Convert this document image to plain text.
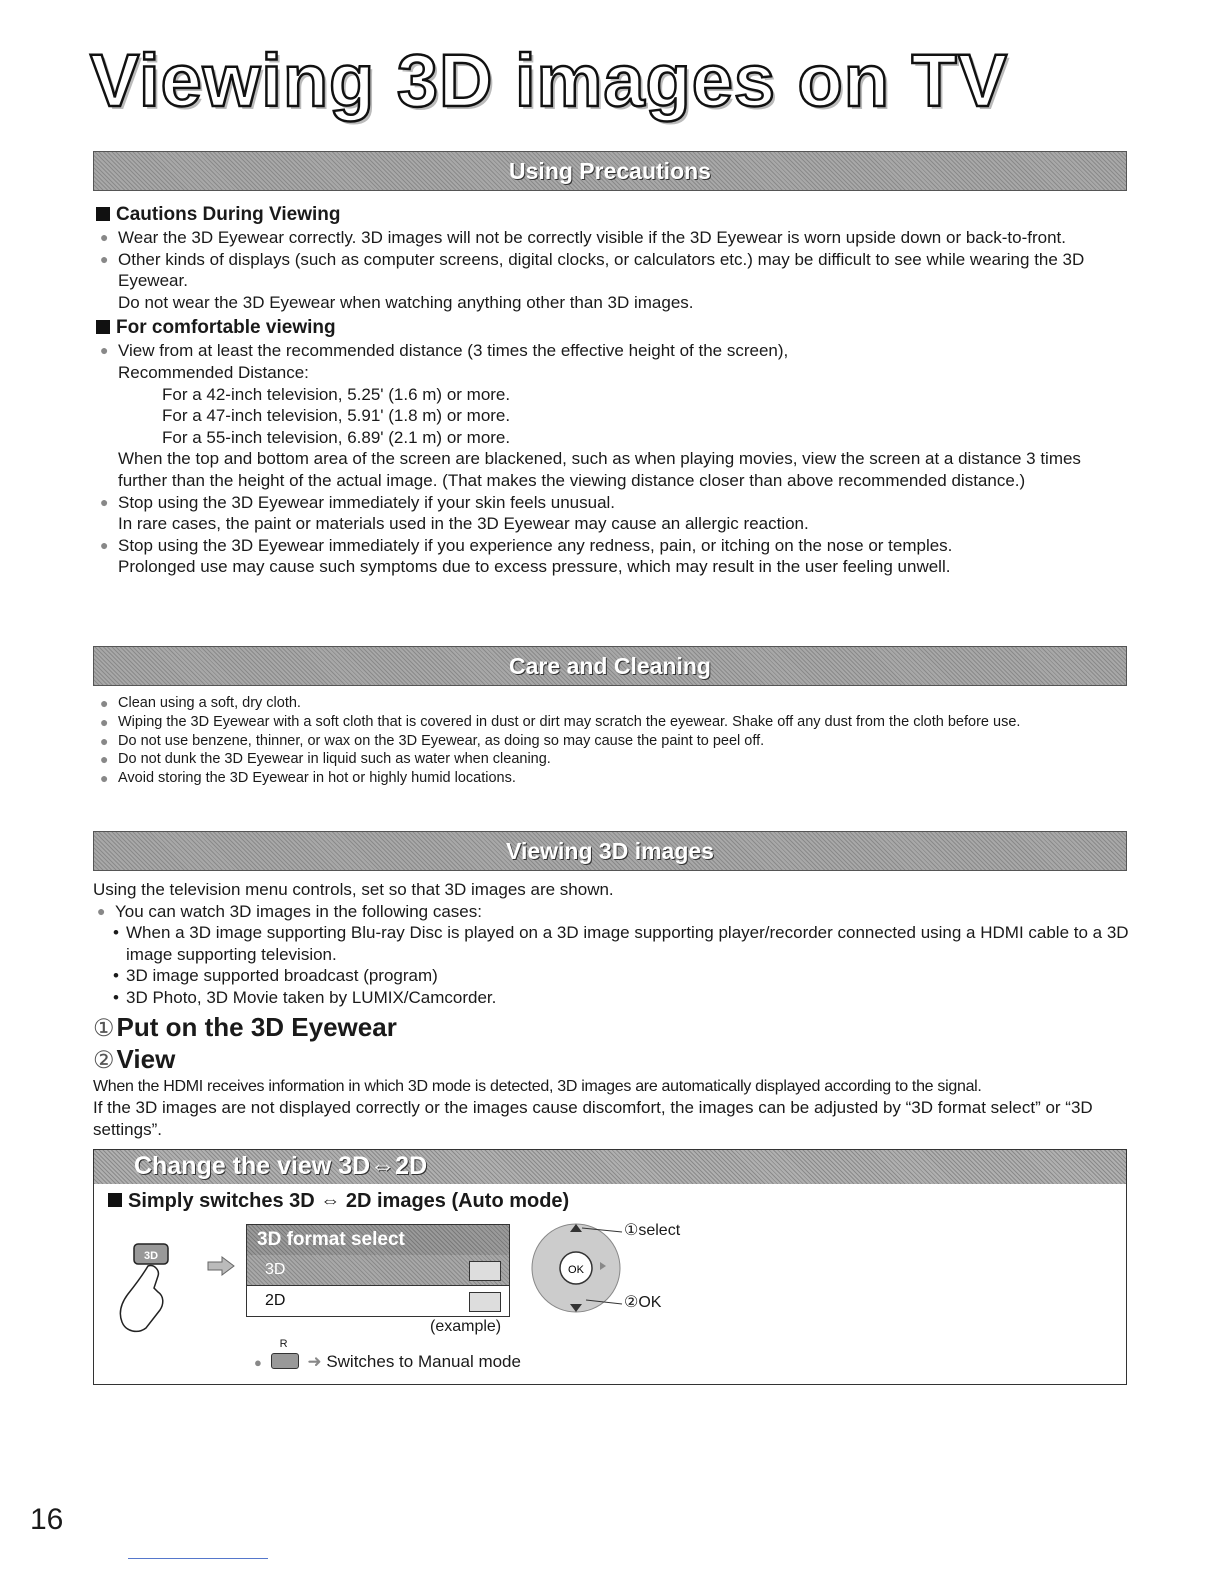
Viewing 3D images on TV
Using Precautions

Cautions During Viewing

● Wear the 3D Eyewear correctly. 3D images will not be correctly visible if the 3D Eyewear is worn upside down or back-to-front.

● Other kinds of displays (such as computer screens, digital clocks, or calculators etc.) may be difficult to see while wearing the 3D Eyewear.

Do not wear the 3D Eyewear when watching anything other than 3D images.

For comfortable viewing

● View from at least the recommended distance (3 times the effective height of the screen),

Recommended Distance:

For a 42-inch television, 5.25' (1.6 m) or more.

For a 47-inch television, 5.91' (1.8 m) or more.

For a 55-inch television, 6.89' (2.1 m) or more.

When the top and bottom area of the screen are blackened, such as when playing movies, view the screen at a distance 3 times further than the height of the actual image. (That makes the viewing distance closer than above recommended distance.)

● Stop using the 3D Eyewear immediately if your skin feels unusual.

In rare cases, the paint or materials used in the 3D Eyewear may cause an allergic reaction.

● Stop using the 3D Eyewear immediately if you experience any redness, pain, or itching on the nose or temples.

Prolonged use may cause such symptoms due to excess pressure, which may result in the user feeling unwell.

Care and Cleaning

● Clean using a soft, dry cloth.

● Wiping the 3D Eyewear with a soft cloth that is covered in dust or dirt may scratch the eyewear. Shake off any dust from the cloth before use.

● Do not use benzene, thinner, or wax on the 3D Eyewear, as doing so may cause the paint to peel off.

● Do not dunk the 3D Eyewear in liquid such as water when cleaning.

● Avoid storing the 3D Eyewear in hot or highly humid locations.

Viewing 3D images

Using the television menu controls, set so that 3D images are shown.

● You can watch 3D images in the following cases:

• When a 3D image supporting Blu-ray Disc is played on a 3D image supporting player/recorder connected using a HDMI cable to a 3D image supporting television.

• 3D image supported broadcast (program)

• 3D Photo, 3D Movie taken by LUMIX/Camcorder.

①Put on the 3D Eyewear

②View

When the HDMI receives information in which 3D mode is detected, 3D images are automatically displayed according to the signal.

If the 3D images are not displayed correctly or the images cause discomfort, the images can be adjusted by “3D format select” or “3D settings”.

Change the view 3D⇔2D
Simply switches 3D ⇔ 2D images (Auto mode)
3D
3D format select
3D
2D
(example)
OK
①select
②OK
●
R
➜ Switches to Manual mode
16
